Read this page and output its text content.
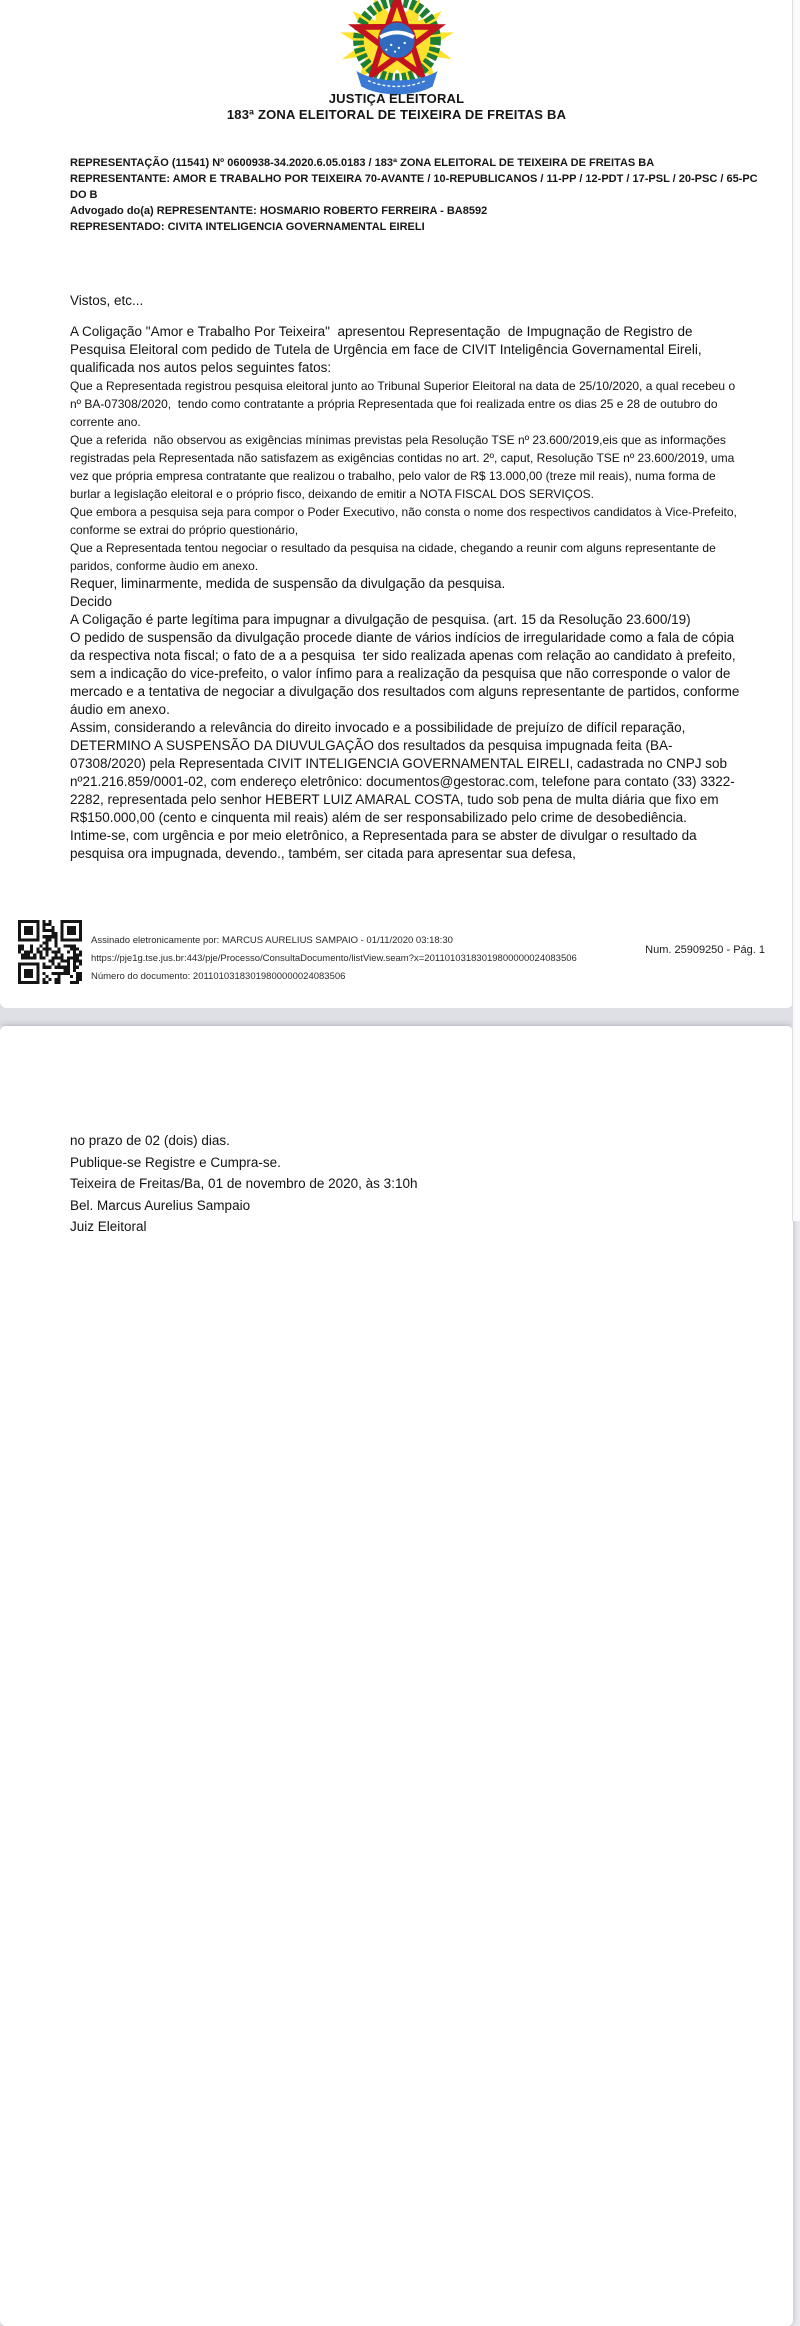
JUSTIÇA ELEITORAL
183ª ZONA ELEITORAL DE TEIXEIRA DE FREITAS BA
REPRESENTAÇÃO (11541) Nº 0600938-34.2020.6.05.0183 / 183ª ZONA ELEITORAL DE TEIXEIRA DE FREITAS BA
REPRESENTANTE: AMOR E TRABALHO POR TEIXEIRA 70-AVANTE / 10-REPUBLICANOS / 11-PP / 12-PDT / 17-PSL / 20-PSC / 65-PC
DO B
Advogado do(a) REPRESENTANTE: HOSMARIO ROBERTO FERREIRA - BA8592
REPRESENTADO: CIVITA INTELIGENCIA GOVERNAMENTAL EIRELI

Vistos, etc...

A Coligação "Amor e Trabalho Por Teixeira"  apresentou Representação  de Impugnação de Registro de Pesquisa Eleitoral com pedido de Tutela de Urgência em face de CIVIT Inteligência Governamental Eireli, qualificada nos autos pelos seguintes fatos:

Que a Representada registrou pesquisa eleitoral junto ao Tribunal Superior Eleitoral na data de 25/10/2020, a qual recebeu o nº BA-07308/2020,  tendo como contratante a própria Representada que foi realizada entre os dias 25 e 28 de outubro do corrente ano.

Que a referida  não observou as exigências mínimas previstas pela Resolução TSE nº 23.600/2019,eis que as informações registradas pela Representada não satisfazem as exigências contidas no art. 2º, caput, Resolução TSE nº 23.600/2019, uma vez que própria empresa contratante que realizou o trabalho, pelo valor de R$ 13.000,00 (treze mil reais), numa forma de burlar a legislação eleitoral e o próprio fisco, deixando de emitir a NOTA FISCAL DOS SERVIÇOS.

Que embora a pesquisa seja para compor o Poder Executivo, não consta o nome dos respectivos candidatos à Vice-Prefeito, conforme se extrai do próprio questionário,

Que a Representada tentou negociar o resultado da pesquisa na cidade, chegando a reunir com alguns representante de paridos, conforme àudio em anexo.

Requer, liminarmente, medida de suspensão da divulgação da pesquisa.

Decido

A Coligação é parte legítima para impugnar a divulgação de pesquisa. (art. 15 da Resolução 23.600/19)

O pedido de suspensão da divulgação procede diante de vários indícios de irregularidade como a fala de cópia da respectiva nota fiscal; o fato de a a pesquisa  ter sido realizada apenas com relação ao candidato à prefeito, sem a indicação do vice-prefeito, o valor ínfimo para a realização da pesquisa que não corresponde o valor de mercado e a tentativa de negociar a divulgação dos resultados com alguns representante de partidos, conforme áudio em anexo.

Assim, considerando a relevância do direito invocado e a possibilidade de prejuízo de difícil reparação, DETERMINO A SUSPENSÃO DA DIUVULGAÇÃO dos resultados da pesquisa impugnada feita (BA- 07308/2020) pela Representada CIVIT INTELIGENCIA GOVERNAMENTAL EIRELI, cadastrada no CNPJ sob nº21.216.859/0001-02, com endereço eletrônico: documentos@gestorac.com, telefone para contato (33) 3322-2282, representada pelo senhor HEBERT LUIZ AMARAL COSTA, tudo sob pena de multa diária que fixo em R$150.000,00 (cento e cinquenta mil reais) além de ser responsabilizado pelo crime de desobediência.

Intime-se, com urgência e por meio eletrônico, a Representada para se abster de divulgar o resultado da pesquisa ora impugnada, devendo., também, ser citada para apresentar sua defesa,

Assinado eletronicamente por: MARCUS AURELIUS SAMPAIO - 01/11/2020 03:18:30
https://pje1g.tse.jus.br:443/pje/Processo/ConsultaDocumento/listView.seam?x=20110103183019800000024083506
Número do documento: 20110103183019800000024083506
Num. 25909250 - Pág. 1
no prazo de 02 (dois) dias.
Publique-se Registre e Cumpra-se.
Teixeira de Freitas/Ba, 01 de novembro de 2020, às 3:10h
Bel. Marcus Aurelius Sampaio
Juiz Eleitoral
